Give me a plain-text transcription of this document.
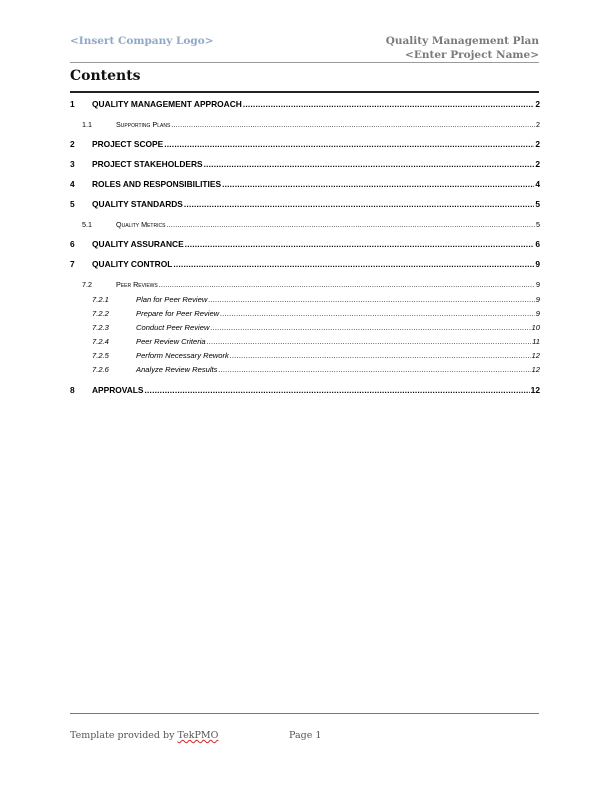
<Insert Company Logo>	Quality Management Plan
<Enter Project Name>
Contents
1	QUALITY MANAGEMENT APPROACH .....	2
1.1	Supporting Plans .....	2
2	PROJECT SCOPE .....	2
3	PROJECT STAKEHOLDERS .....	2
4	ROLES AND RESPONSIBILITIES .....	4
5	QUALITY STANDARDS .....	5
5.1	Quality Metrics .....	5
6	QUALITY ASSURANCE .....	6
7	QUALITY CONTROL .....	9
7.2	Peer Reviews .....	9
7.2.1	Plan for Peer Review .....	9
7.2.2	Prepare for Peer Review .....	9
7.2.3	Conduct Peer Review .....	10
7.2.4	Peer Review Criteria .....	11
7.2.5	Perform Necessary Rework .....	12
7.2.6	Analyze Review Results .....	12
8	APPROVALS .....	12
Template provided by TekPMO	Page 1
